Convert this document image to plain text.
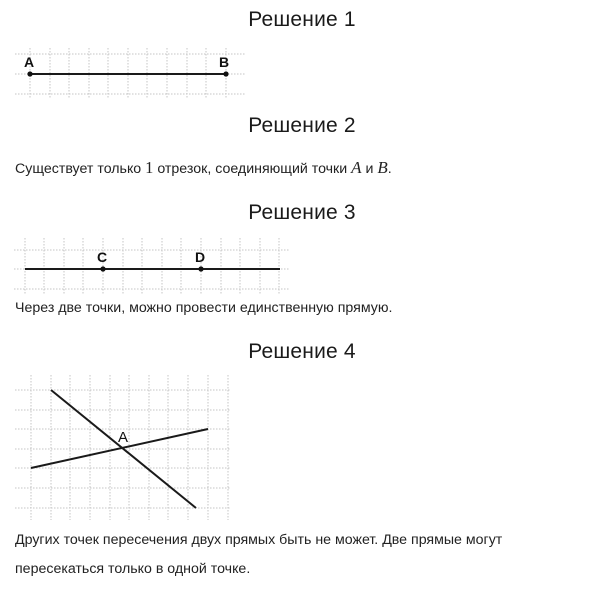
Решение 1
A	B
Решение 2

Существует только 1 отрезок, соединяющий точки A и B.

Решение 3
C	D

Через две точки, можно провести единственную прямую.

Решение 4
A

Других точек пересечения двух прямых быть не может. Две прямые могут
пересекаться только в одной точке.
